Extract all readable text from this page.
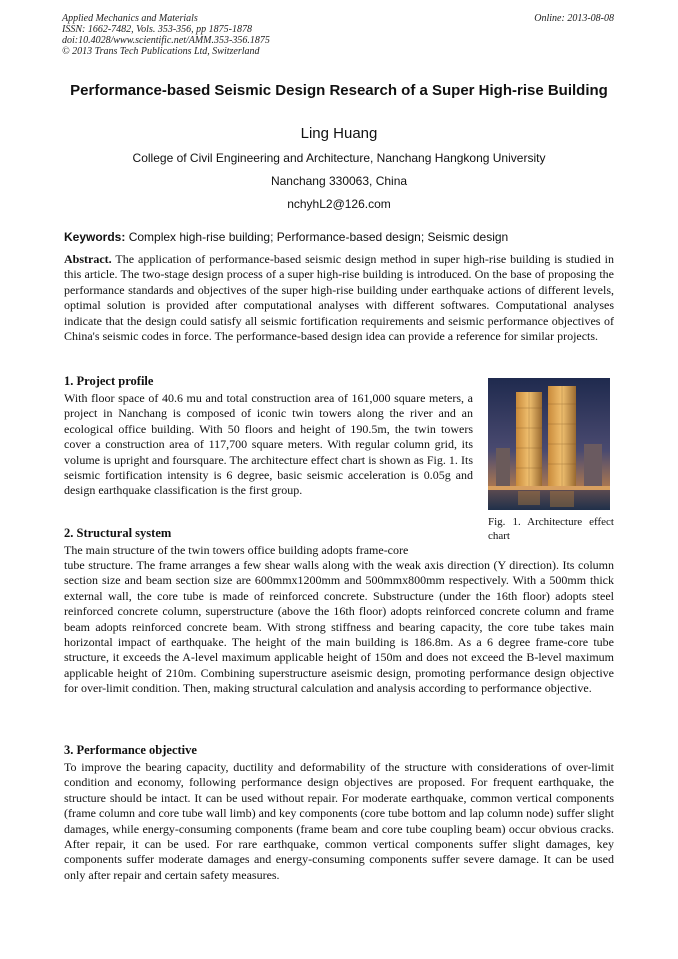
Applied Mechanics and Materials
ISSN: 1662-7482, Vols. 353-356, pp 1875-1878
doi:10.4028/www.scientific.net/AMM.353-356.1875
© 2013 Trans Tech Publications Ltd, Switzerland
Online: 2013-08-08
Performance-based Seismic Design Research of a Super High-rise Building
Ling Huang
College of Civil Engineering and Architecture, Nanchang Hangkong University
Nanchang 330063, China
nchyhL2@126.com
Keywords: Complex high-rise building; Performance-based design; Seismic design
Abstract. The application of performance-based seismic design method in super high-rise building is studied in this article. The two-stage design process of a super high-rise building is introduced. On the base of proposing the performance standards and objectives of the super high-rise building under earthquake actions of different levels, optimal solution is provided after computational analyses with different softwares. Computational analyses indicate that the design could satisfy all seismic fortification requirements and seismic performance objectives of China's seismic codes in force. The performance-based design idea can provide a reference for similar projects.
1. Project profile
With floor space of 40.6 mu and total construction area of 161,000 square meters, a project in Nanchang is composed of iconic twin towers along the river and an ecological office building. With 50 floors and height of 190.5m, the twin towers cover a construction area of 117,700 square meters. With regular column grid, its volume is upright and foursquare. The architecture effect chart is shown as Fig. 1. Its seismic fortification intensity is 6 degree, basic seismic acceleration is 0.05g and design earthquake classification is the first group.
Fig. 1. Architecture effect chart
2. Structural system
The main structure of the twin towers office building adopts frame-core
tube structure. The frame arranges a few shear walls along with the weak axis direction (Y direction). Its column section size and beam section size are 600mmx1200mm and 500mmx800mm respectively. With a 500mm thick external wall, the core tube is made of reinforced concrete. Substructure (under the 16th floor) adopts steel reinforced concrete column, superstructure (above the 16th floor) adopts reinforced concrete column and frame beam adopts reinforced concrete beam. With strong stiffness and bearing capacity, the core tube takes main horizontal impact of earthquake. The height of the main building is 186.8m. As a 6 degree frame-core tube structure, it exceeds the A-level maximum applicable height of 150m and does not exceed the B-level maximum applicable height of 210m. Combining superstructure aseismic design, promoting performance design objective for over-limit condition. Then, making structural calculation and analysis according to performance objective.
3. Performance objective
To improve the bearing capacity, ductility and deformability of the structure with considerations of over-limit condition and economy, following performance design objectives are proposed. For frequent earthquake, the structure should be intact. It can be used without repair. For moderate earthquake, common vertical components (frame column and core tube wall limb) and key components (core tube bottom and lap column node) suffer slight damages, while energy-consuming components (frame beam and core tube coupling beam) occur obvious cracks. After repair, it can be used. For rare earthquake, common vertical components suffer slight damages, key components suffer moderate damages and energy-consuming components suffer severe damage. It can be used only after repair and certain safety measures.
